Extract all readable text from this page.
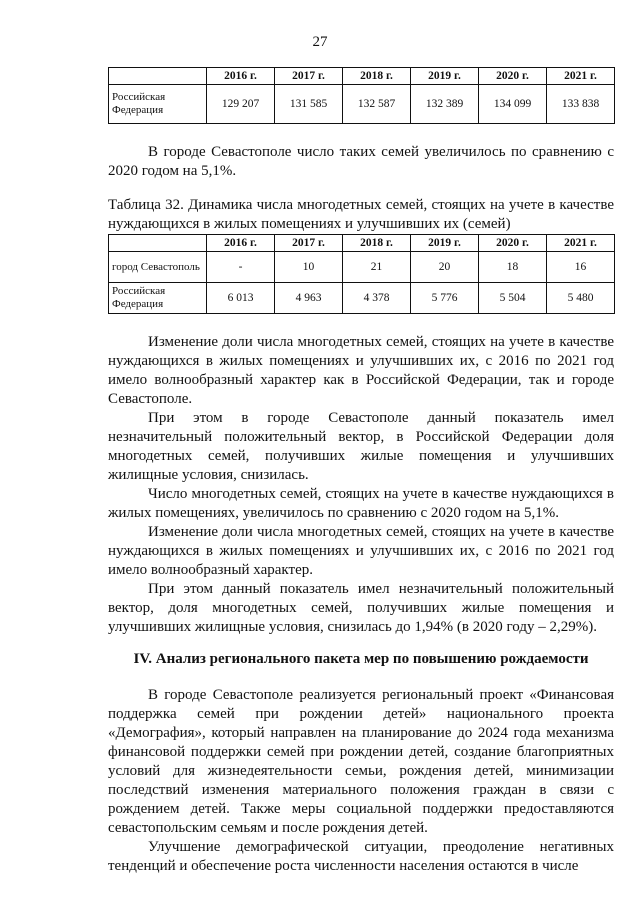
27
	2016 г.	2017 г.	2018 г.	2019 г.	2020 г.	2021 г.
Российская Федерация	129 207	131 585	132 587	132 389	134 099	133 838

В городе Севастополе число таких семей увеличилось по сравнению с 2020 годом на 5,1%.

Таблица 32. Динамика числа многодетных семей, стоящих на учете в качестве нуждающихся в жилых помещениях и улучшивших их (семей)
	2016 г.	2017 г.	2018 г.	2019 г.	2020 г.	2021 г.
город Севастополь	-	10	21	20	18	16
Российская Федерация	6 013	4 963	4 378	5 776	5 504	5 480

Изменение доли числа многодетных семей, стоящих на учете в качестве нуждающихся в жилых помещениях и улучшивших их, с 2016 по 2021 год имело волнообразный характер как в Российской Федерации, так и городе Севастополе.

При этом в городе Севастополе данный показатель имел незначительный положительный вектор, в Российской Федерации доля многодетных семей, получивших жилые помещения и улучшивших жилищные условия, снизилась.

Число многодетных семей, стоящих на учете в качестве нуждающихся в жилых помещениях, увеличилось по сравнению с 2020 годом на 5,1%.

Изменение доли числа многодетных семей, стоящих на учете в качестве нуждающихся в жилых помещениях и улучшивших их, с 2016 по 2021 год имело волнообразный характер.

При этом данный показатель имел незначительный положительный вектор, доля многодетных семей, получивших жилые помещения и улучшивших жилищные условия, снизилась до 1,94% (в 2020 году – 2,29%).

IV. Анализ регионального пакета мер по повышению рождаемости

В городе Севастополе реализуется региональный проект «Финансовая поддержка семей при рождении детей» национального проекта «Демография», который направлен на планирование до 2024 года механизма финансовой поддержки семей при рождении детей, создание благоприятных условий для жизнедеятельности семьи, рождения детей, минимизации последствий изменения материального положения граждан в связи с рождением детей. Также меры социальной поддержки предоставляются севастопольским семьям и после рождения детей.

Улучшение демографической ситуации, преодоление негативных тенденций и обеспечение роста численности населения остаются в числе
